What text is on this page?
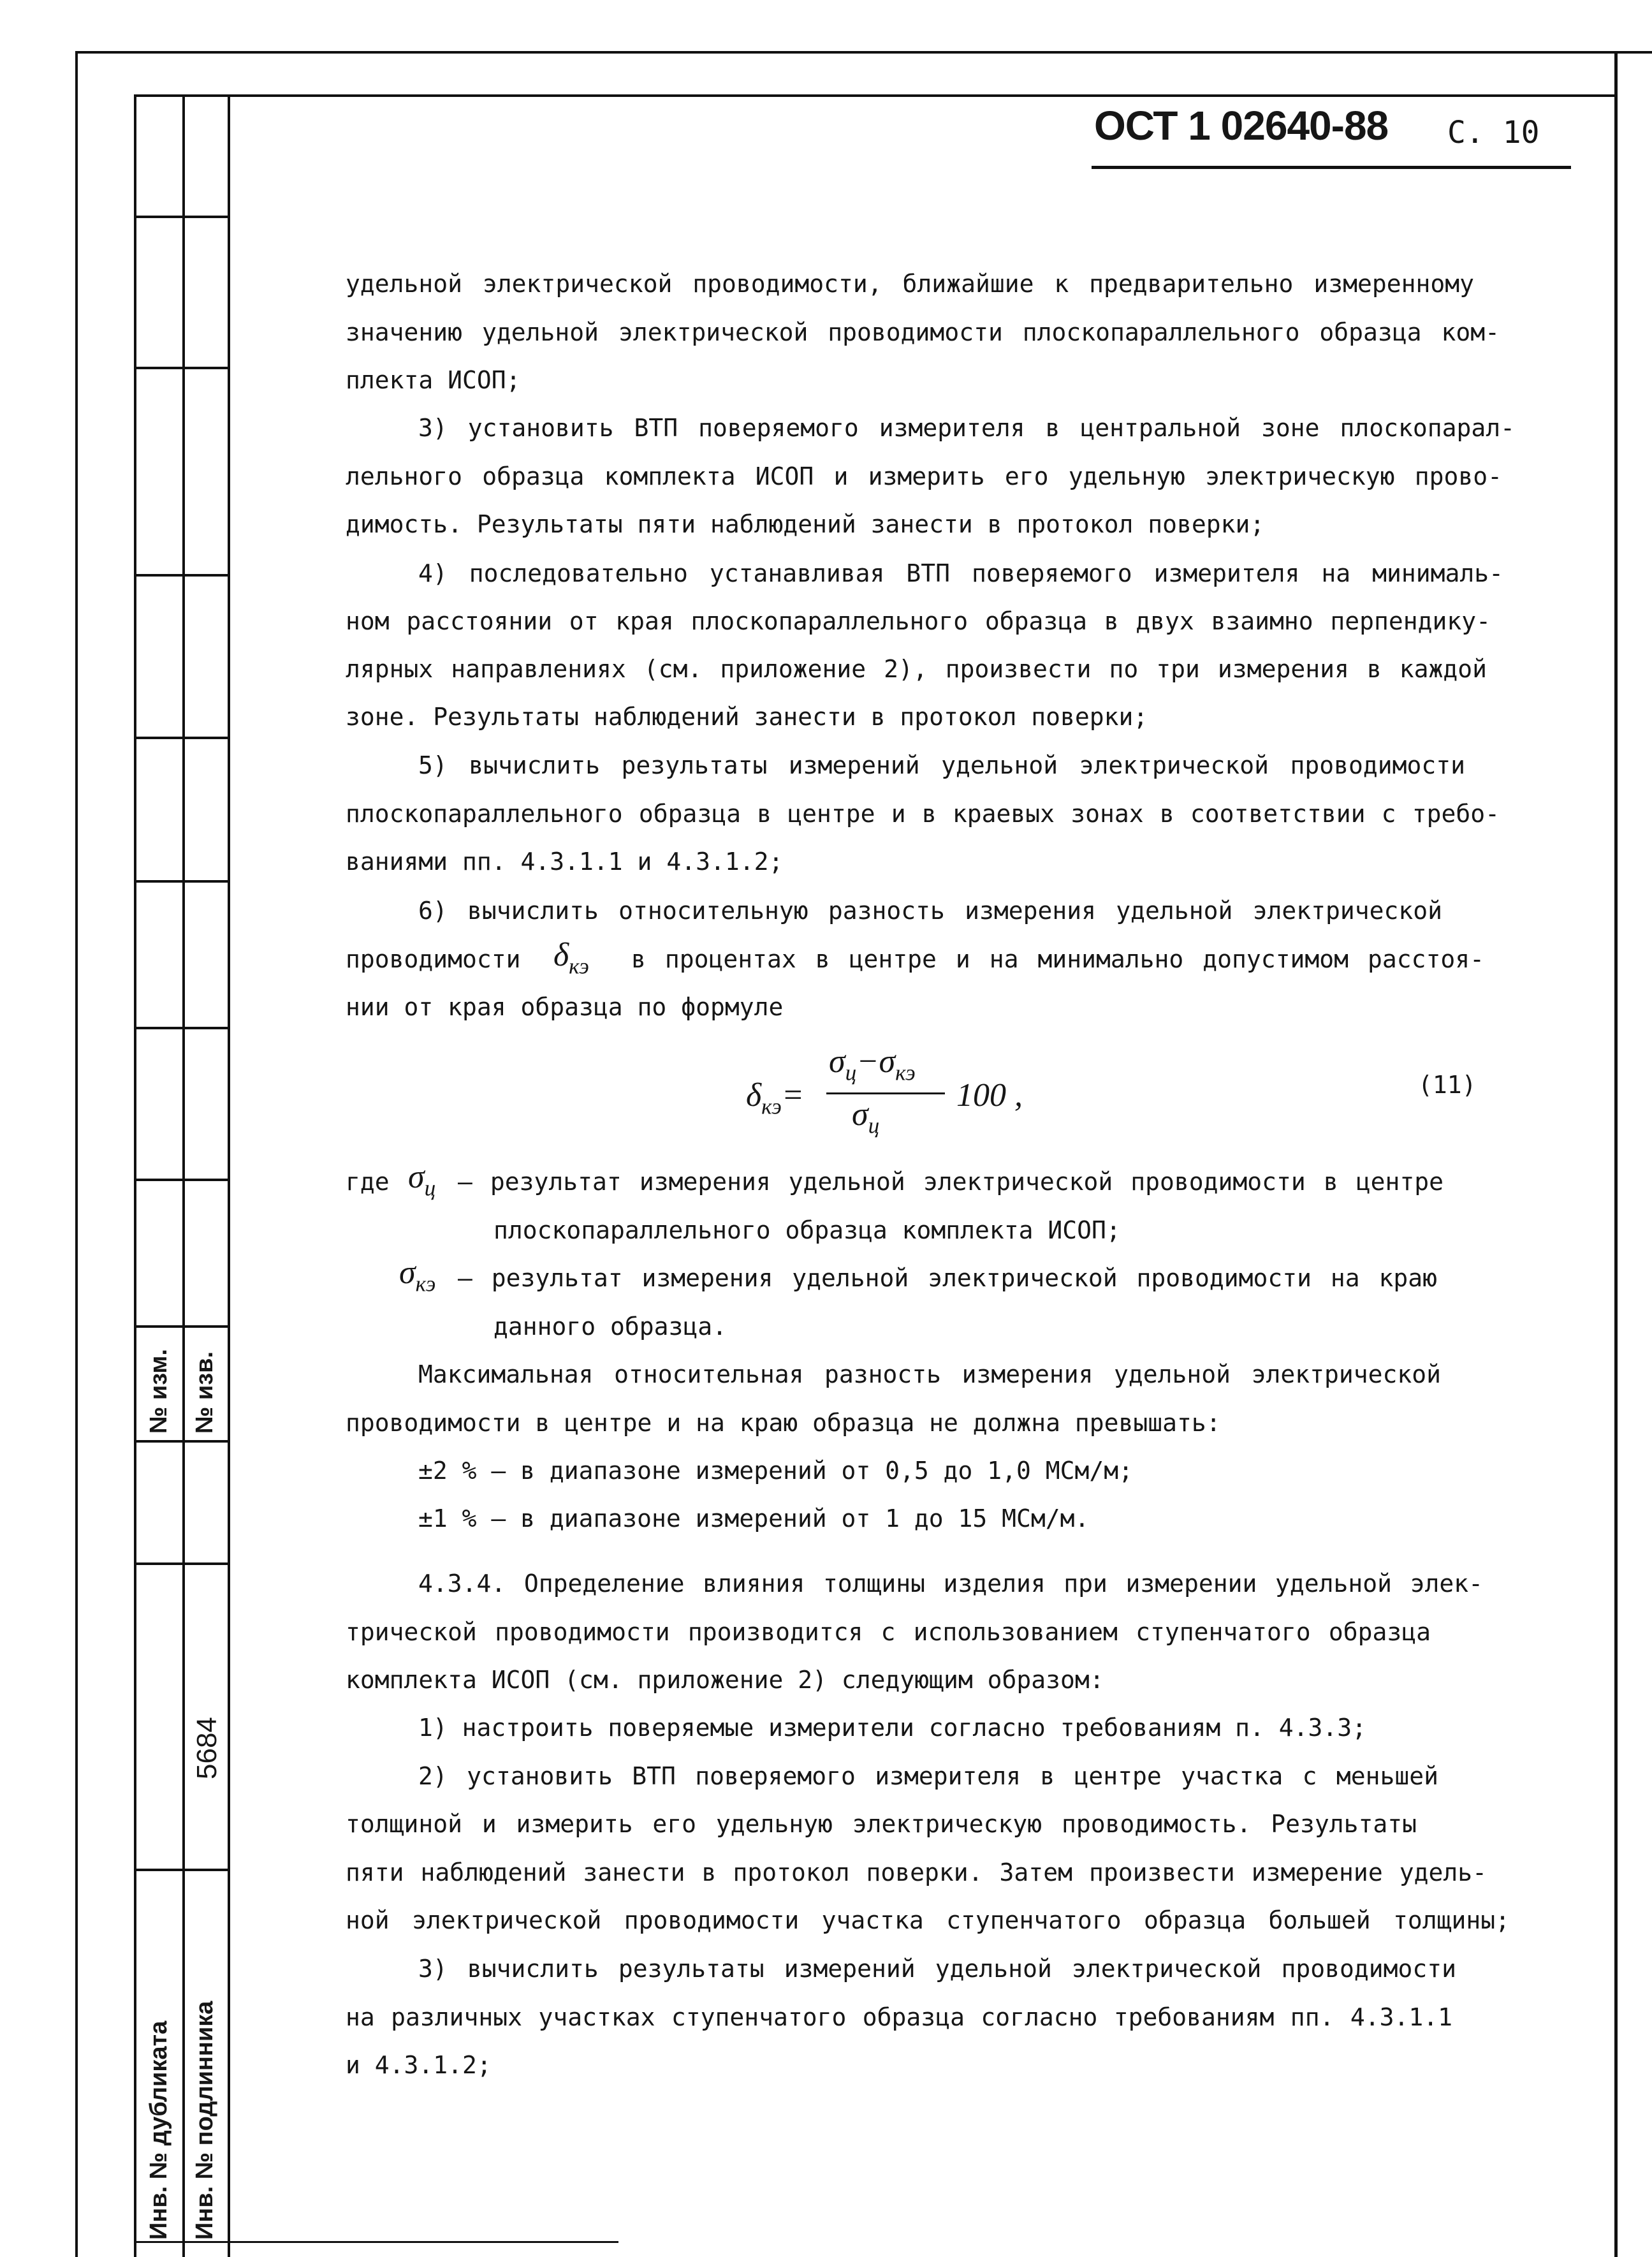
№ изм. № изв.
5684
Инв. № дубликата Инв. № подлинника
ОСТ 1 02640-88 С. 10
удельной электрической проводимости, ближайшие к предварительно измеренному
значению удельной электрической проводимости плоскопараллельного образца ком-
плекта ИСОП;
3) установить ВТП поверяемого измерителя в центральной зоне плоскопарал-
лельного образца комплекта ИСОП и измерить его удельную электрическую прово-
димость. Результаты пяти наблюдений занести в протокол поверки;
4) последовательно устанавливая ВТП поверяемого измерителя на минималь-
ном расстоянии от края плоскопараллельного образца в двух взаимно перпендику-
лярных направлениях (см. приложение 2), произвести по три измерения в каждой
зоне. Результаты наблюдений занести в протокол поверки;
5) вычислить результаты измерений удельной электрической проводимости
плоскопараллельного образца в центре и в краевых зонах в соответствии с требо-
ваниями пп. 4.3.1.1 и 4.3.1.2;
6) вычислить относительную разность измерения удельной электрической
проводимости $\delta_{кэ}$ в процентах в центре и на минимально допустимом расстоя-
нии от края образца по формуле
$\delta_{кэ}=$
$\sigma_ц-\sigma_{кэ}$
$\sigma_ц$
100 ,	(11)
где $\sigma_ц$ – результат измерения удельной электрической проводимости в центре
плоскопараллельного образца комплекта ИСОП;
$\sigma_{кэ}$ – результат измерения удельной электрической проводимости на краю
данного образца.
Максимальная относительная разность измерения удельной электрической
проводимости в центре и на краю образца не должна превышать:
±2 % – в диапазоне измерений от 0,5 до 1,0 МСм/м;
±1 % – в диапазоне измерений от 1 до 15 МСм/м.
4.3.4. Определение влияния толщины изделия при измерении удельной элек-
трической проводимости производится с использованием ступенчатого образца
комплекта ИСОП (см. приложение 2) следующим образом:
1) настроить поверяемые измерители согласно требованиям п. 4.3.3;
2) установить ВТП поверяемого измерителя в центре участка с меньшей
толщиной и измерить его удельную электрическую проводимость. Результаты
пяти наблюдений занести в протокол поверки. Затем произвести измерение удель-
ной электрической проводимости участка ступенчатого образца большей толщины;
3) вычислить результаты измерений удельной электрической проводимости
на различных участках ступенчатого образца согласно требованиям пп. 4.3.1.1
и 4.3.1.2;
